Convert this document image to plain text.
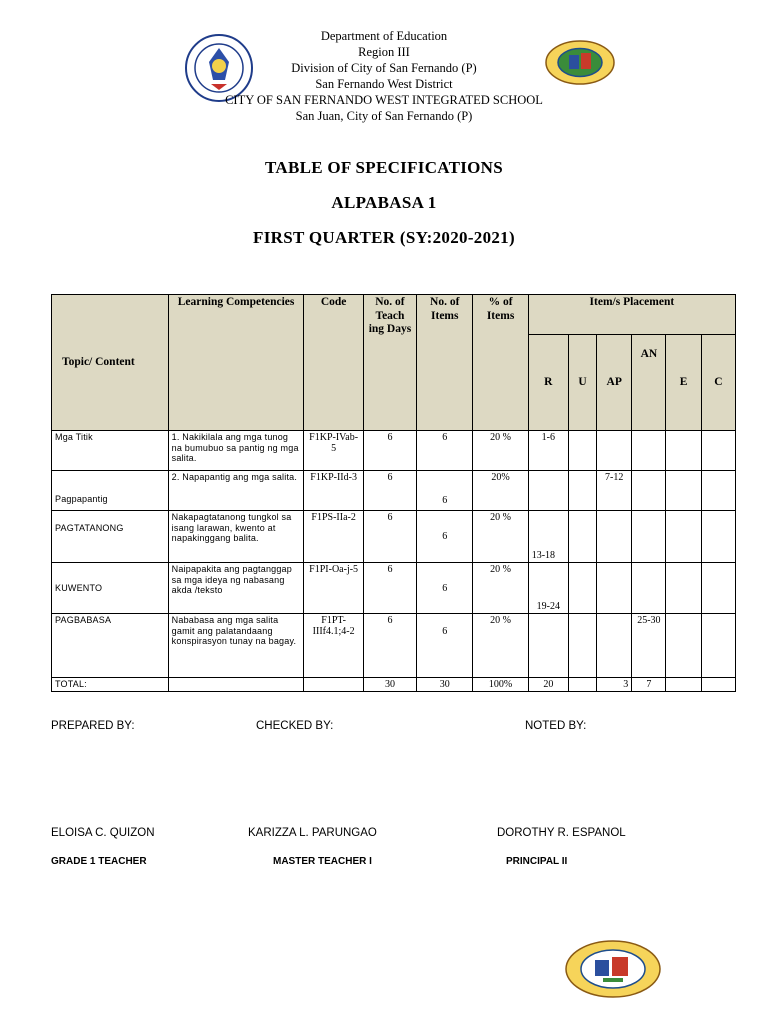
Department of Education
Region III
Division of City of San Fernando (P)
San Fernando West District
CITY OF SAN FERNANDO WEST INTEGRATED SCHOOL
San Juan, City of San Fernando (P)
TABLE OF SPECIFICATIONS
ALPABASA 1
FIRST QUARTER (SY:2020-2021)
Topic/ Content	Learning Competencies	Code	No. of Teach ing Days	No. of Items	% of Items	Item/s Placement					
						R	U	AP	AN	E	C
Mga Titik	1. Nakikilala ang mga tunog na bumubuo sa pantig ng mga salita.	F1KP-IVab-5	6	6	20 %	1-6					
Pagpapantig	2. Napapantig ang mga salita.	F1KP-IId-3	6	6	20%			7-12			
PAGTATANONG	Nakapagtatanong tungkol sa isang larawan, kwento at napakinggang balita.	F1PS-IIa-2	6	6	20 %	13-18					
KUWENTO	Naipapakita ang pagtanggap sa mga ideya ng nabasang akda /teksto	F1PI-Oa-j-5	6	6	20 %	19-24					
PAGBABASA	Nababasa ang mga salita gamit ang palatandaang konspirasyon tunay na bagay.	F1PT-IIIf4.1;4-2	6	6	20 %				25-30		
TOTAL:			30	30	100%	20		3	7		
PREPARED BY:	CHECKED BY:	NOTED BY:
ELOISA C. QUIZON	KARIZZA L. PARUNGAO	DOROTHY R. ESPANOL
GRADE 1 TEACHER	MASTER TEACHER I	PRINCIPAL II
